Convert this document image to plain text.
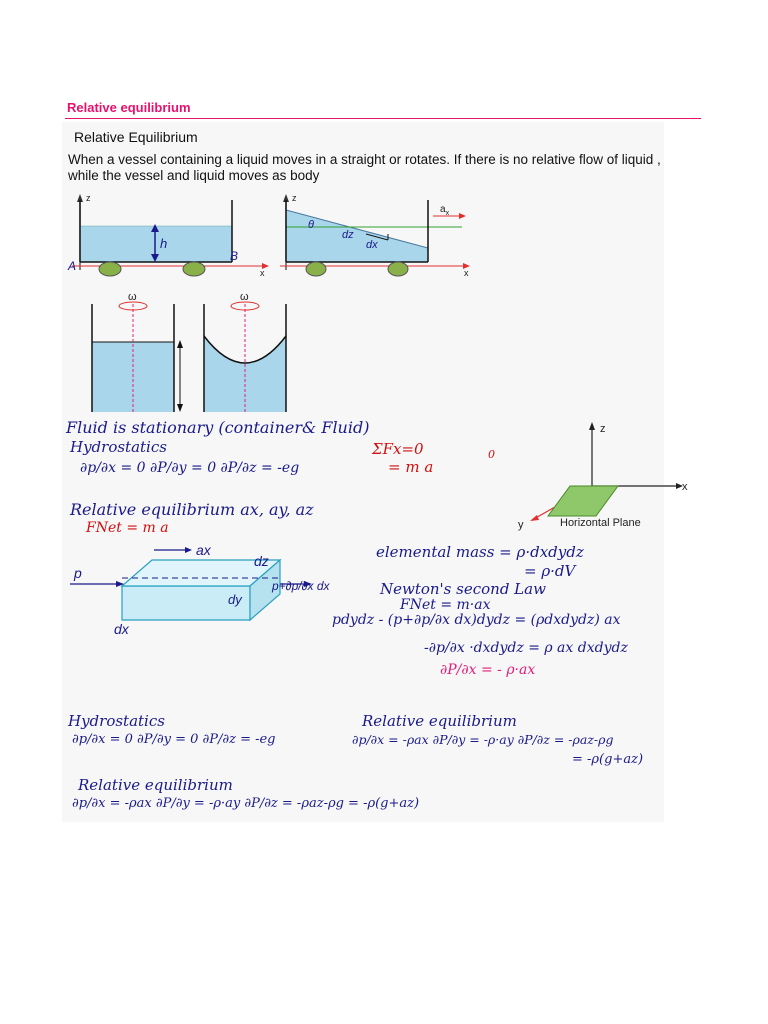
Relative equilibrium
Relative Equilibrium
When a vessel containing a liquid moves in a straight or rotates. If there is no relative flow of liquid , while the vessel and liquid moves as body
z
x
h
A
B
z
x
$a_x$
θ
dz
dx
ω	ω
z
x
y	Horizontal Plane
Fluid is stationary (container& Fluid)
Hydrostatics
∂p/∂x = 0 ∂P/∂y = 0 ∂P/∂z = -eg
ΣFx=0
= m a
0
Relative equilibrium ax, ay, az
FNet = m a
ax
dz
p
p+∂p/∂x dx
dy
dx
elemental mass = ρ·dxdydz
= ρ·dV
Newton's second Law
FNet = m·ax
pdydz - (p+∂p/∂x dx)dydz = (ρdxdydz) ax
-∂p/∂x ·dxdydz = ρ ax dxdydz
∂P/∂x = - ρ·ax
Hydrostatics
∂p/∂x = 0 ∂P/∂y = 0 ∂P/∂z = -eg
Relative equilibrium
∂p/∂x = -ρax ∂P/∂y = -ρ·ay ∂P/∂z = -ρaz-ρg
= -ρ(g+az)
Relative equilibrium
∂p/∂x = -ρax ∂P/∂y = -ρ·ay ∂P/∂z = -ρaz-ρg = -ρ(g+az)
